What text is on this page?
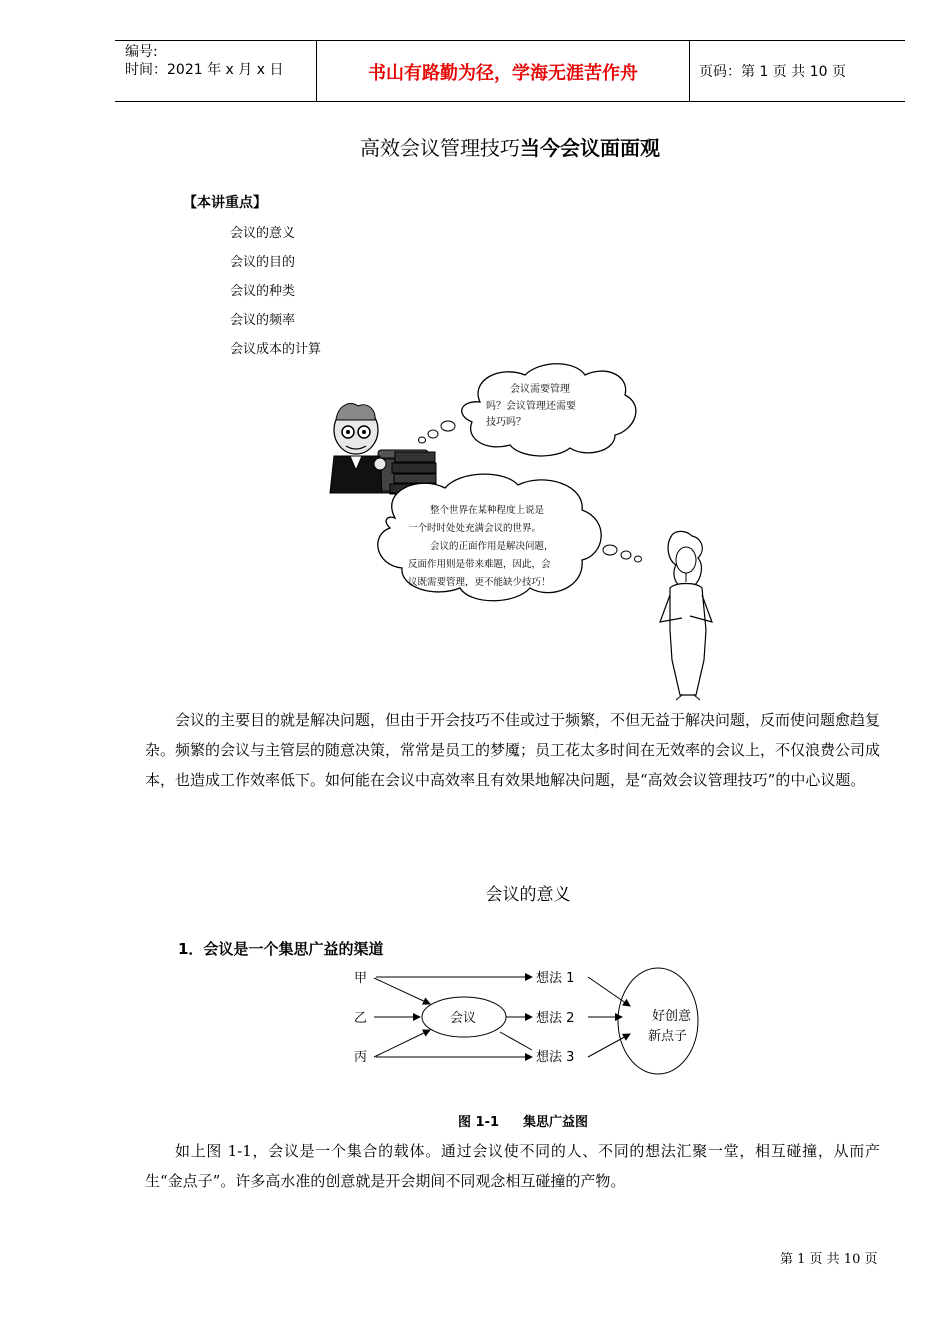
编号:
时间：2021 年 x 月 x 日	书山有路勤为径，学海无涯苦作舟	页码：第 1 页 共 10 页
高效会议管理技巧当今会议面面观
【本讲重点】
会议的意义
会议的目的
会议的种类
会议的频率
会议成本的计算
会议需要管理
吗？会议管理还需要
技巧吗？
整个世界在某种程度上说是
一个时时处处充满会议的世界。
会议的正面作用是解决问题，
反面作用则是带来难题，因此，会
议既需要管理，更不能缺少技巧！
会议的主要目的就是解决问题，但由于开会技巧不佳或过于频繁，不但无益于解决问题，反而使问题愈趋复杂。频繁的会议与主管层的随意决策，常常是员工的梦魇；员工花太多时间在无效率的会议上，不仅浪费公司成本，也造成工作效率低下。如何能在会议中高效率且有效果地解决问题，是“高效会议管理技巧”的中心议题。
会议的意义
1．会议是一个集思广益的渠道
甲
乙
丙
会议	好创意
新点子
想法 1
想法 2
想法 3
图 1-1 集思广益图
如上图 1-1，会议是一个集合的载体。通过会议使不同的人、不同的想法汇聚一堂，相互碰撞，从而产生“金点子”。许多高水准的创意就是开会期间不同观念相互碰撞的产物。
第 1 页 共 10 页
